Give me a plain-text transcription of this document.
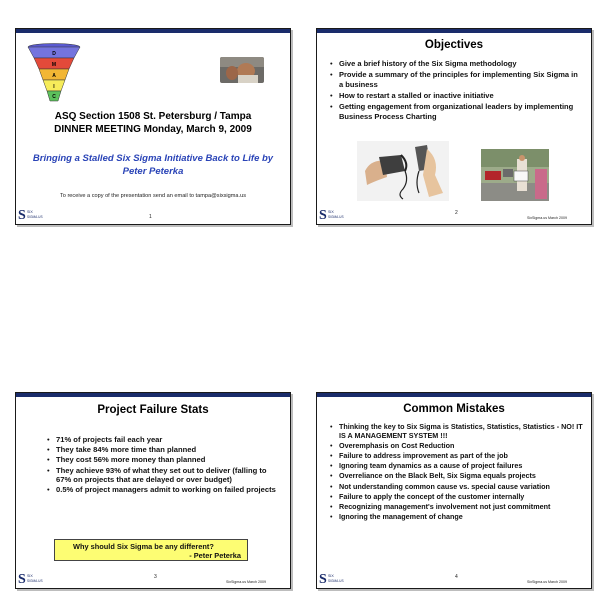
D
M
A
I
C
ASQ Section 1508 St. Petersburg / Tampa DINNER MEETING Monday, March 9, 2009
Bringing a Stalled Six Sigma Initiative Back to Life by Peter Peterka
To receive a copy of the presentation send an email to tampa@sixsigma.us
S SIX
SIGMA.US	1
Objectives
• Give a brief history of the Six Sigma methodology
• Provide a summary of the principles for implementing Six Sigma in a business
• How to restart a stalled or inactive initiative
• Getting engagement from organizational leaders by implementing Business Process Charting
S SIX
SIGMA.US
2
SixSigma.us March 2009
Project Failure Stats
• 71% of projects fail each year
• They take 84% more time than planned
• They cost 56% more money than planned
• They achieve 93% of what they set out to deliver (falling to 67% on projects that are delayed or over budget)
• 0.5% of project managers admit to working on failed projects
Why should Six Sigma be any different?
- Peter Peterka
S SIX
SIGMA.US
3
SixSigma.us March 2009
Common Mistakes
• Thinking the key to Six Sigma is Statistics, Statistics, Statistics - NO! IT IS A MANAGEMENT SYSTEM !!!
• Overemphasis on Cost Reduction
• Failure to address improvement as part of the job
• Ignoring team dynamics as a cause of project failures
• Overreliance on the Black Belt, Six Sigma equals projects
• Not understanding common cause vs. special cause variation
• Failure to apply the concept of the customer internally
• Recognizing management's involvement not just commitment
• Ignoring the management of change
S SIX
SIGMA.US
4
SixSigma.us March 2009
